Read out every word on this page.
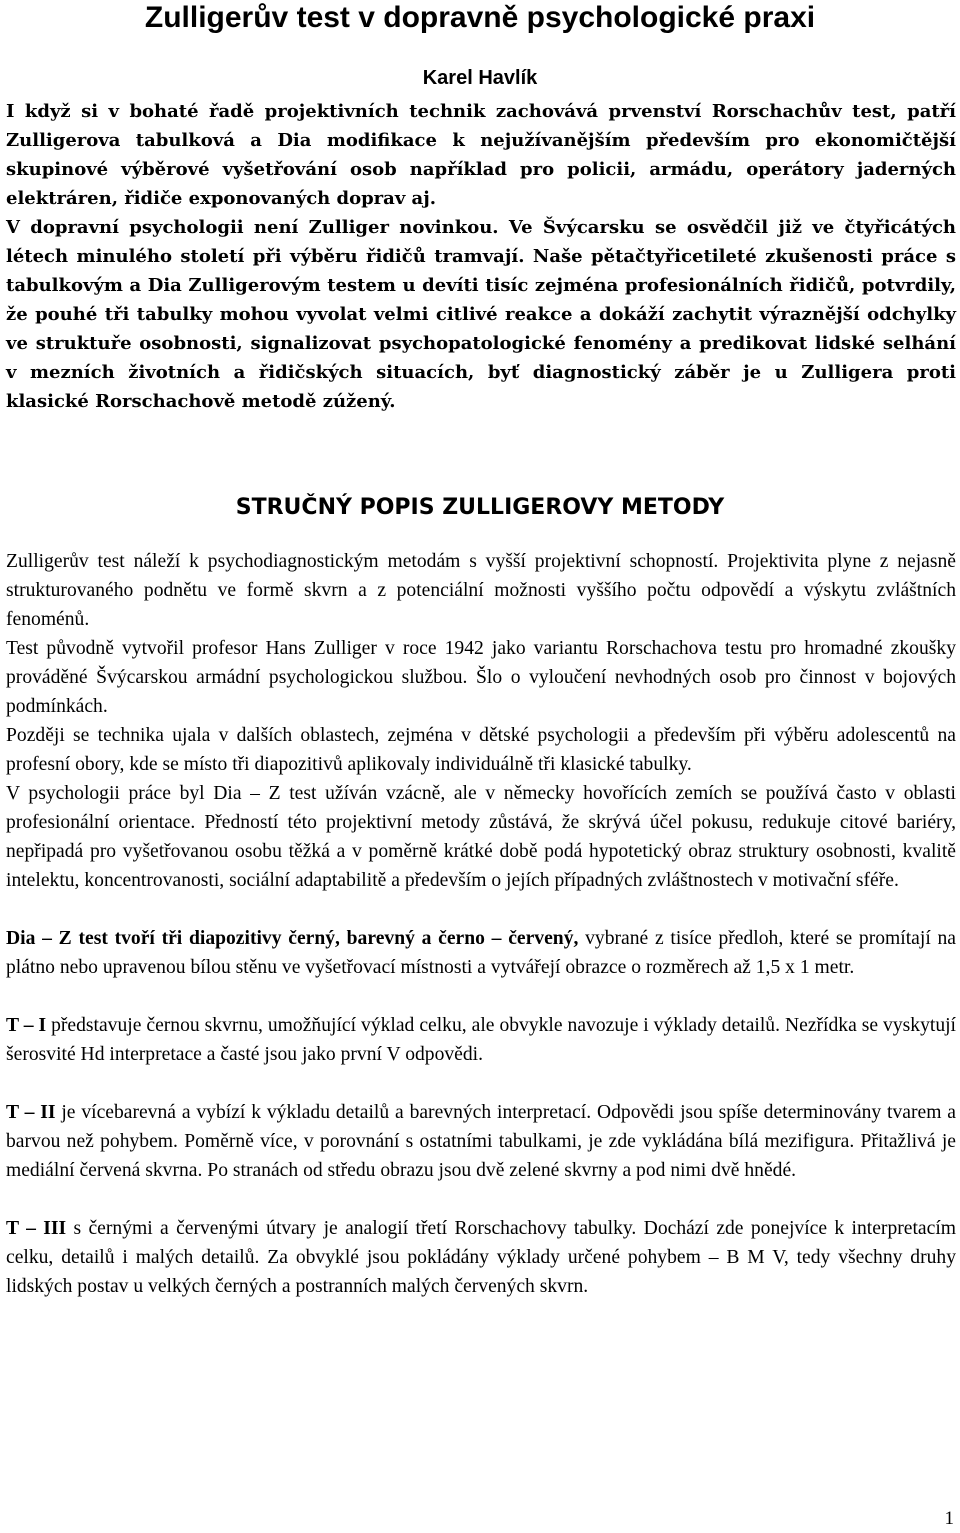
Zulligerův test v dopravně psychologické praxi
Karel Havlík

I když si v bohaté řadě projektivních technik zachovává prvenství Rorschachův test, patří Zulligerova tabulková a Dia modifikace k nejužívanějším především pro ekonomičtější skupinové výběrové vyšetřování osob například pro policii, armádu, operátory jaderných elektráren, řidiče exponovaných doprav aj.

V dopravní psychologii není Zulliger novinkou. Ve Švýcarsku se osvědčil již ve čtyřicátých létech minulého století při výběru řidičů tramvají. Naše pětačtyřicetileté zkušenosti práce s tabulkovým a Dia Zulligerovým testem u devíti tisíc zejména profesionálních řidičů, potvrdily, že pouhé tři tabulky mohou vyvolat velmi citlivé reakce a dokáží zachytit výraznější odchylky ve struktuře osobnosti, signalizovat psychopatologické fenomény a predikovat lidské selhání v mezních životních a řidičských situacích, byť diagnostický záběr je u Zulligera proti klasické Rorschachově metodě zúžený.

STRUČNÝ POPIS ZULLIGEROVY METODY

Zulligerův test náleží k psychodiagnostickým metodám s vyšší projektivní schopností. Projektivita plyne z nejasně strukturovaného podnětu ve formě skvrn a z potenciální možnosti vyššího počtu odpovědí a výskytu zvláštních fenoménů.

Test původně vytvořil profesor Hans Zulliger v roce 1942 jako variantu Rorschachova testu pro hromadné zkoušky prováděné Švýcarskou armádní psychologickou službou. Šlo o vyloučení nevhodných osob pro činnost v bojových podmínkách.

Později se technika ujala v dalších oblastech, zejména v dětské psychologii a především při výběru adolescentů na profesní obory, kde se místo tři diapozitivů aplikovaly individuálně tři klasické tabulky.

V psychologii práce byl Dia – Z test užíván vzácně, ale v německy hovořících zemích se používá často v oblasti profesionální orientace. Předností této projektivní metody zůstává, že skrývá účel pokusu, redukuje citové bariéry, nepřipadá pro vyšetřovanou osobu těžká a v poměrně krátké době podá hypotetický obraz struktury osobnosti, kvalitě intelektu, koncentrovanosti, sociální adaptabilitě a především o jejích případných zvláštnostech v motivační sféře.

Dia – Z test tvoří tři diapozitivy černý, barevný a černo – červený, vybrané z tisíce předloh, které se promítají na plátno nebo upravenou bílou stěnu ve vyšetřovací místnosti a vytvářejí obrazce o rozměrech až 1,5 x 1 metr.

T – I představuje černou skvrnu, umožňující výklad celku, ale obvykle navozuje i výklady detailů. Nezřídka se vyskytují šerosvité Hd interpretace a časté jsou jako první V odpovědi.

T – II je vícebarevná a vybízí k výkladu detailů a barevných interpretací. Odpovědi jsou spíše determinovány tvarem a barvou než pohybem. Poměrně více, v porovnání s ostatními tabulkami, je zde vykládána bílá mezifigura. Přitažlivá je mediální červená skvrna. Po stranách od středu obrazu jsou dvě zelené skvrny a pod nimi dvě hnědé.

T – III s černými a červenými útvary je analogií třetí Rorschachovy tabulky. Dochází zde ponejvíce k interpretacím celku, detailů i malých detailů. Za obvyklé jsou pokládány výklady určené pohybem – B M V, tedy všechny druhy lidských postav u velkých černých a postranních malých červených skvrn.

1
